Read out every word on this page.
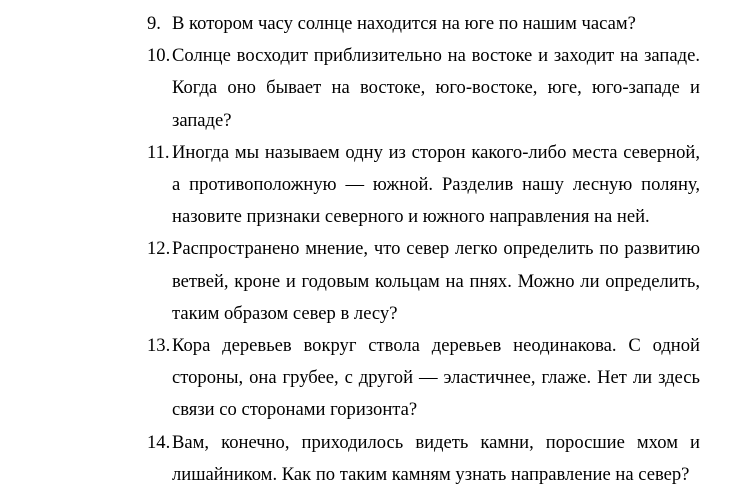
9. В котором часу солнце находится на юге по нашим часам?
10. Солнце восходит приблизительно на востоке и заходит на западе. Когда оно бывает на востоке, юго-востоке, юге, юго-западе и западе?
11. Иногда мы называем одну из сторон какого-либо места северной, а противоположную — южной. Разделив нашу лесную поляну, назовите признаки северного и южного направления на ней.
12. Распространено мнение, что север легко определить по развитию ветвей, кроне и годовым кольцам на пнях. Можно ли определить, таким образом север в лесу?
13. Кора деревьев вокруг ствола деревьев неодинакова. С одной стороны, она грубее, с другой — эластичнее, глаже. Нет ли здесь связи со сторонами горизонта?
14. Вам, конечно, приходилось видеть камни, поросшие мхом и лишайником. Как по таким камням узнать направление на север?
